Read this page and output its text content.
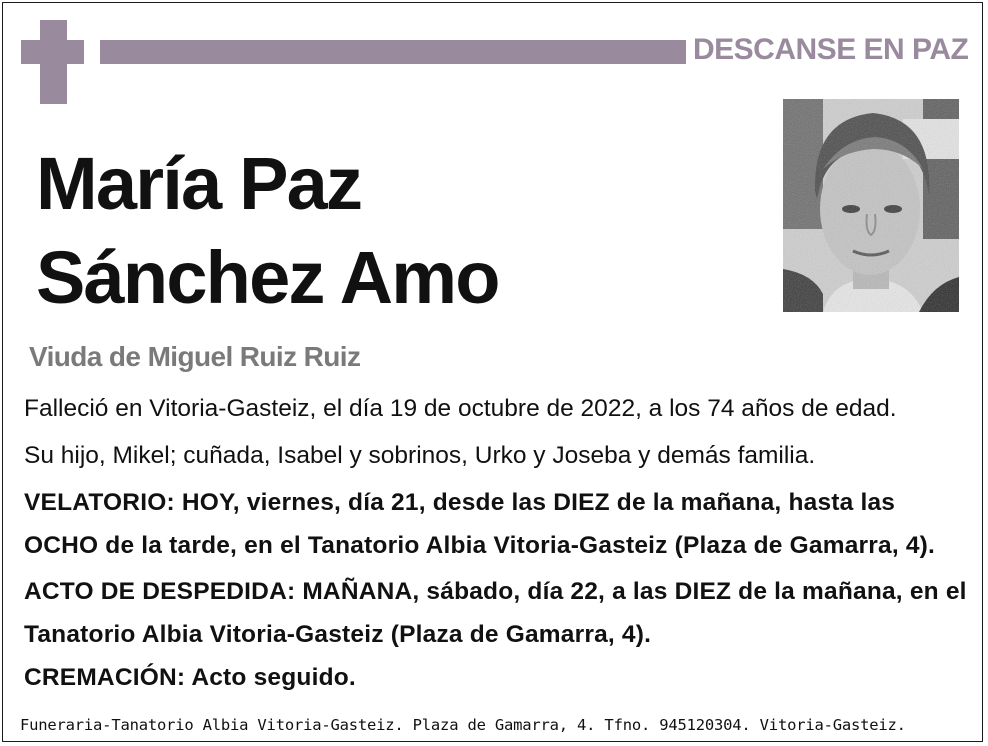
DESCANSE EN PAZ
María Paz
Sánchez Amo
Viuda de Miguel Ruiz Ruiz
Falleció en Vitoria-Gasteiz, el día 19 de octubre de 2022, a los 74 años de edad.
Su hijo, Mikel; cuñada, Isabel y sobrinos, Urko y Joseba y demás familia.
VELATORIO: HOY, viernes, día 21, desde las DIEZ de la mañana, hasta las OCHO de la tarde, en el Tanatorio Albia Vitoria-Gasteiz (Plaza de Gamarra, 4).
ACTO DE DESPEDIDA: MAÑANA, sábado, día 22, a las DIEZ de la mañana, en el Tanatorio Albia Vitoria-Gasteiz (Plaza de Gamarra, 4).
CREMACIÓN: Acto seguido.
Funeraria-Tanatorio Albia Vitoria-Gasteiz. Plaza de Gamarra, 4. Tfno. 945120304. Vitoria-Gasteiz.
